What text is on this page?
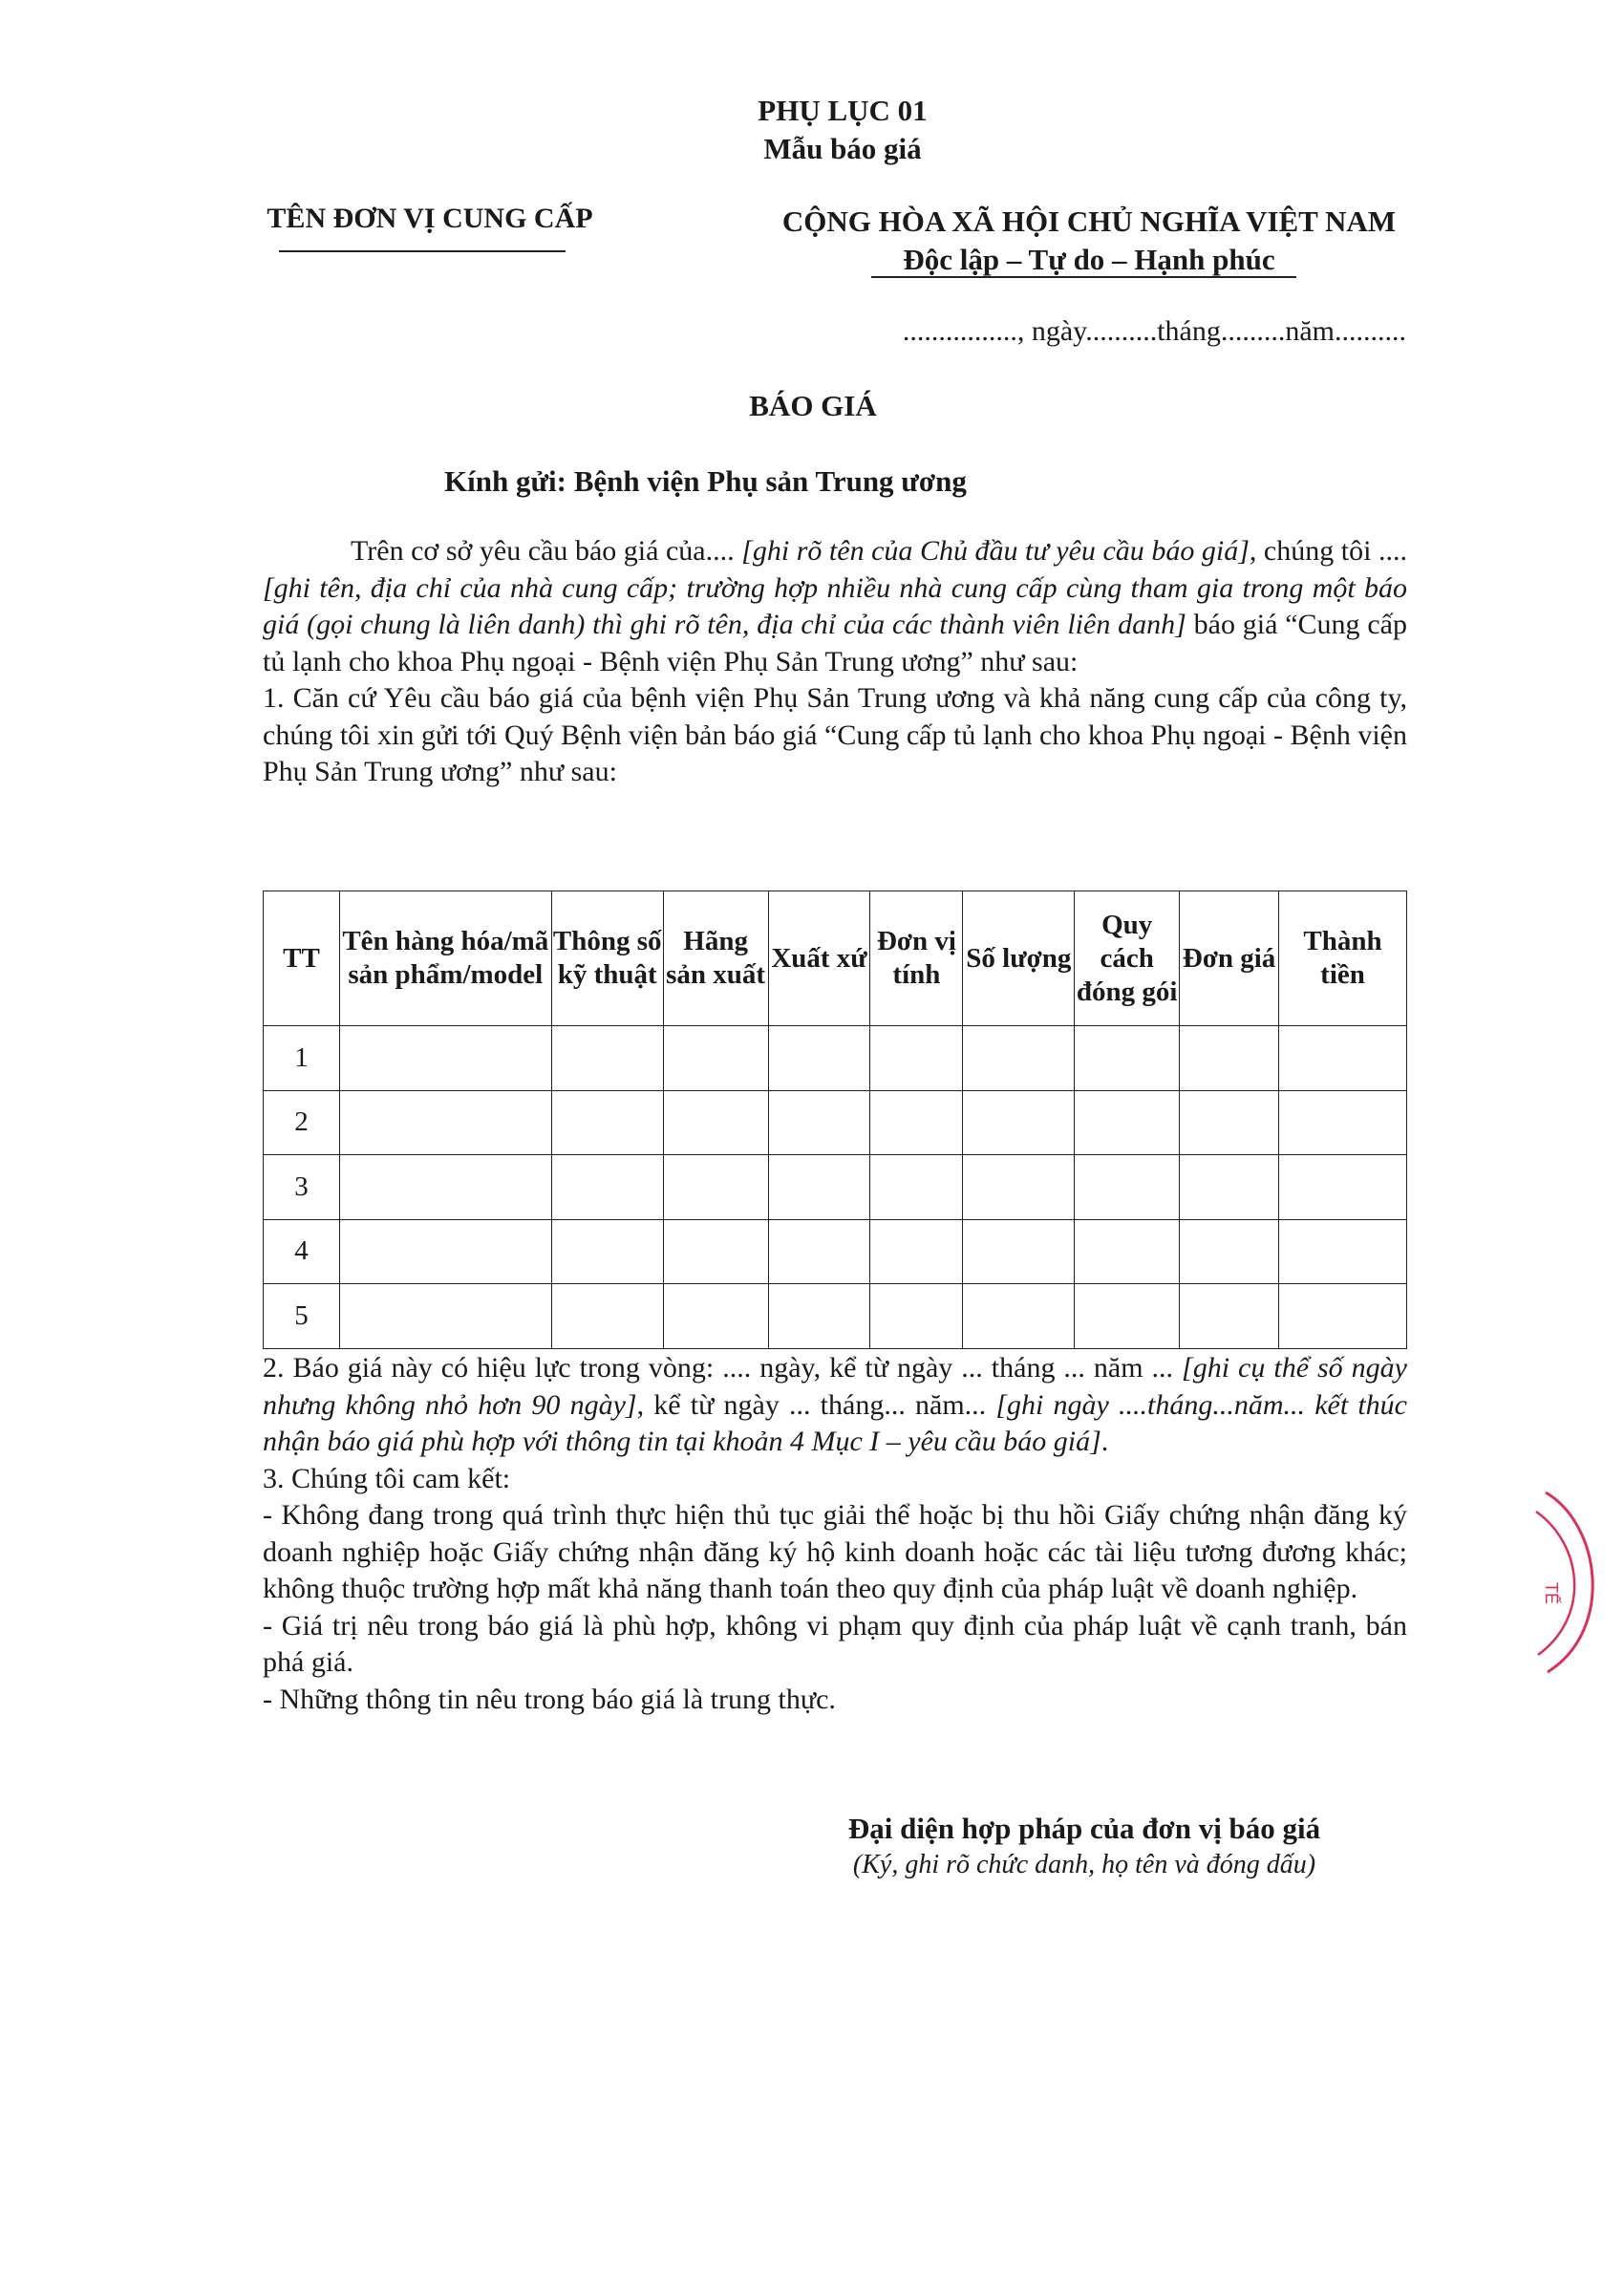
PHỤ LỤC 01
Mẫu báo giá
TÊN ĐƠN VỊ CUNG CẤP	CỘNG HÒA XÃ HỘI CHỦ NGHĨA VIỆT NAM
Độc lập – Tự do – Hạnh phúc
................, ngày..........tháng.........năm..........
BÁO GIÁ
Kính gửi: Bệnh viện Phụ sản Trung ương
Trên cơ sở yêu cầu báo giá của.... [ghi rõ tên của Chủ đầu tư yêu cầu báo giá], chúng tôi .... [ghi tên, địa chỉ của nhà cung cấp; trường hợp nhiều nhà cung cấp cùng tham gia trong một báo giá (gọi chung là liên danh) thì ghi rõ tên, địa chỉ của các thành viên liên danh] báo giá “Cung cấp tủ lạnh cho khoa Phụ ngoại - Bệnh viện Phụ Sản Trung ương” như sau:
1. Căn cứ Yêu cầu báo giá của bệnh viện Phụ Sản Trung ương và khả năng cung cấp của công ty, chúng tôi xin gửi tới Quý Bệnh viện bản báo giá “Cung cấp tủ lạnh cho khoa Phụ ngoại - Bệnh viện Phụ Sản Trung ương” như sau:
TT	Tên hàng hóa/mã sản phẩm/model	Thông số kỹ thuật	Hãng sản xuất	Xuất xứ	Đơn vị tính	Số lượng	Quy cách đóng gói	Đơn giá	Thành tiền
1									
2									
3									
4									
5									
2. Báo giá này có hiệu lực trong vòng: .... ngày, kể từ ngày ... tháng ... năm ... [ghi cụ thể số ngày nhưng không nhỏ hơn 90 ngày], kể từ ngày ... tháng... năm... [ghi ngày ....tháng...năm... kết thúc nhận báo giá phù hợp với thông tin tại khoản 4 Mục I – yêu cầu báo giá].
3. Chúng tôi cam kết:
- Không đang trong quá trình thực hiện thủ tục giải thể hoặc bị thu hồi Giấy chứng nhận đăng ký doanh nghiệp hoặc Giấy chứng nhận đăng ký hộ kinh doanh hoặc các tài liệu tương đương khác; không thuộc trường hợp mất khả năng thanh toán theo quy định của pháp luật về doanh nghiệp.
- Giá trị nêu trong báo giá là phù hợp, không vi phạm quy định của pháp luật về cạnh tranh, bán phá giá.
- Những thông tin nêu trong báo giá là trung thực.
Đại diện hợp pháp của đơn vị báo giá
(Ký, ghi rõ chức danh, họ tên và đóng dấu)
TẾ
